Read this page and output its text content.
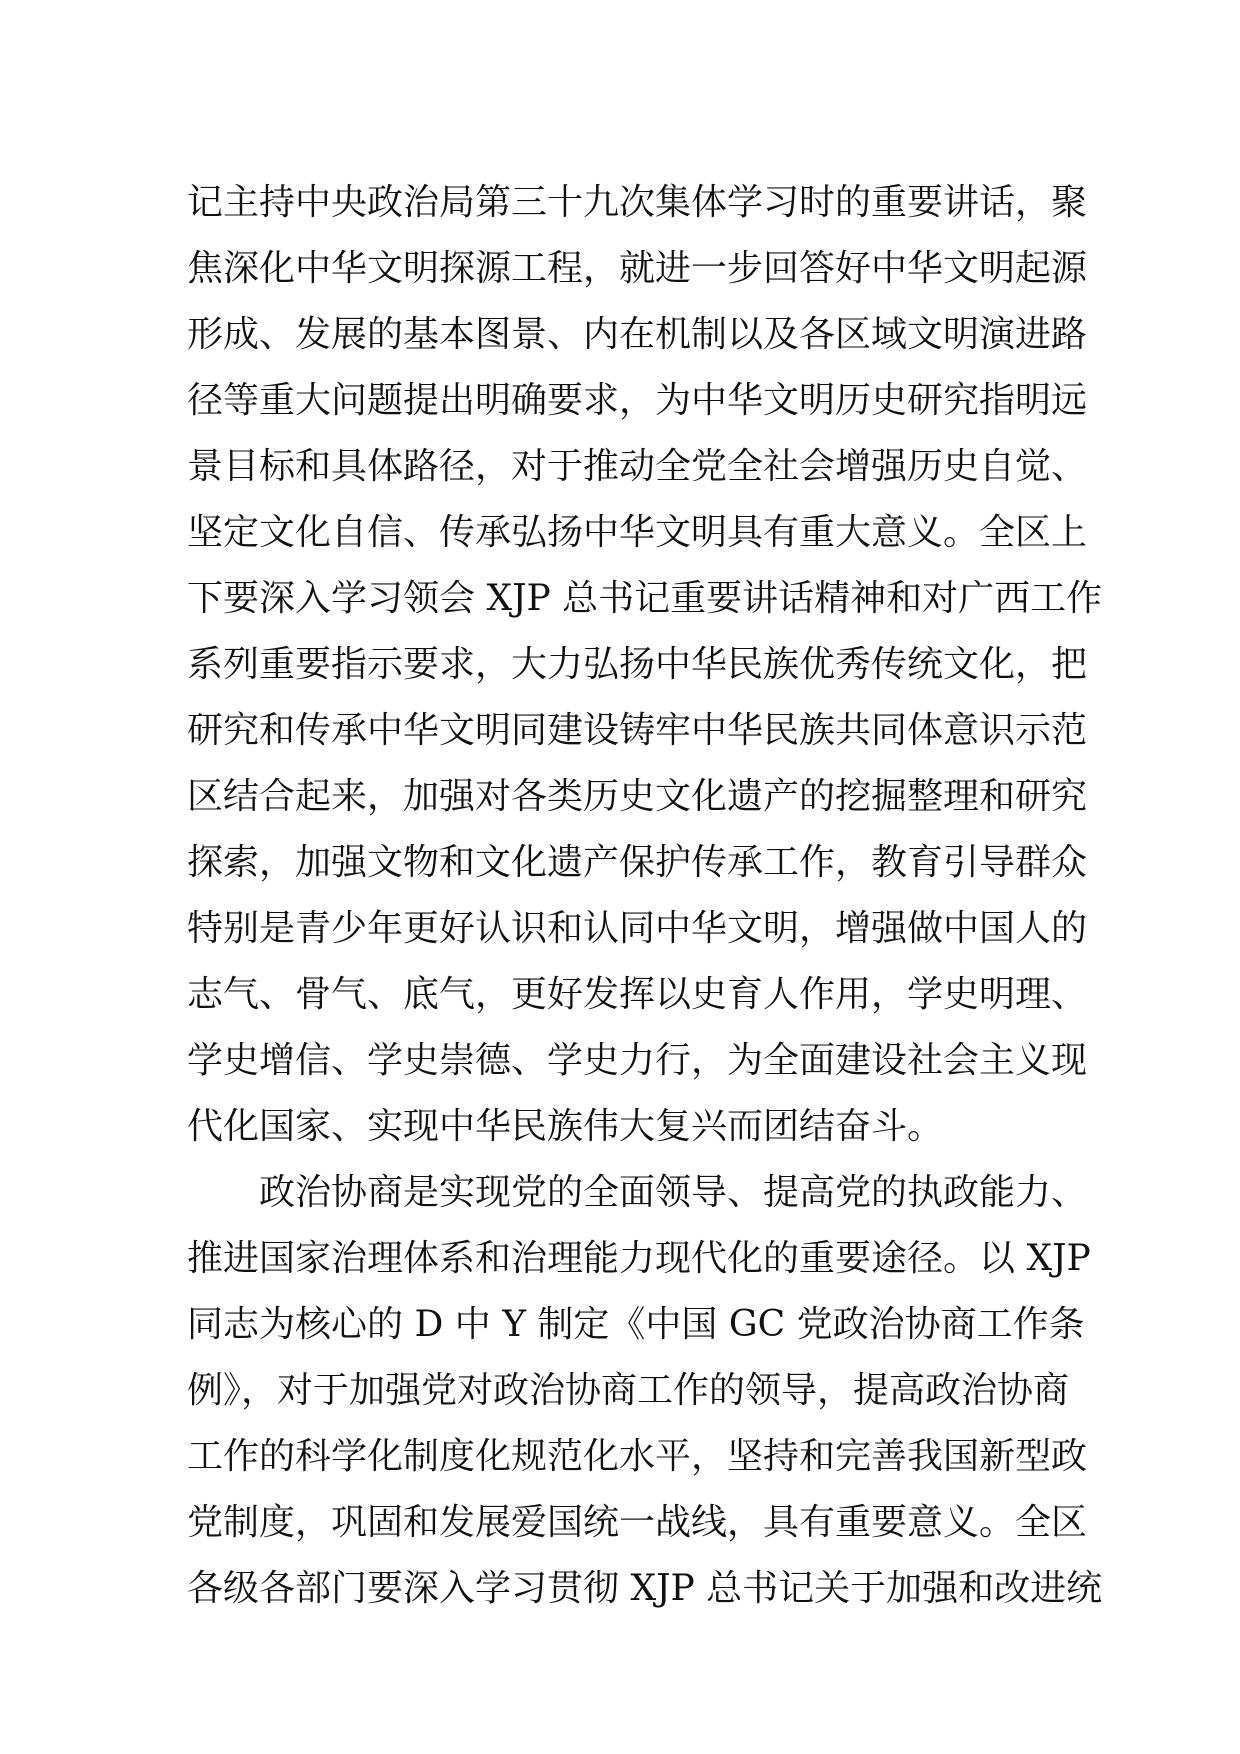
记主持中央政治局第三十九次集体学习时的重要讲话，聚
焦深化中华文明探源工程，就进一步回答好中华文明起源
形成、发展的基本图景、内在机制以及各区域文明演进路
径等重大问题提出明确要求，为中华文明历史研究指明远
景目标和具体路径，对于推动全党全社会增强历史自觉、
坚定文化自信、传承弘扬中华文明具有重大意义。全区上
下要深入学习领会 XJP 总书记重要讲话精神和对广西工作
系列重要指示要求，大力弘扬中华民族优秀传统文化，把
研究和传承中华文明同建设铸牢中华民族共同体意识示范
区结合起来，加强对各类历史文化遗产的挖掘整理和研究
探索，加强文物和文化遗产保护传承工作，教育引导群众
特别是青少年更好认识和认同中华文明，增强做中国人的
志气、骨气、底气，更好发挥以史育人作用，学史明理、
学史增信、学史崇德、学史力行，为全面建设社会主义现
代化国家、实现中华民族伟大复兴而团结奋斗。
政治协商是实现党的全面领导、提高党的执政能力、
推进国家治理体系和治理能力现代化的重要途径。以 XJP
同志为核心的 D 中 Y 制定《中国 GC 党政治协商工作条
例》，对于加强党对政治协商工作的领导，提高政治协商
工作的科学化制度化规范化水平，坚持和完善我国新型政
党制度，巩固和发展爱国统一战线，具有重要意义。全区
各级各部门要深入学习贯彻 XJP 总书记关于加强和改进统
